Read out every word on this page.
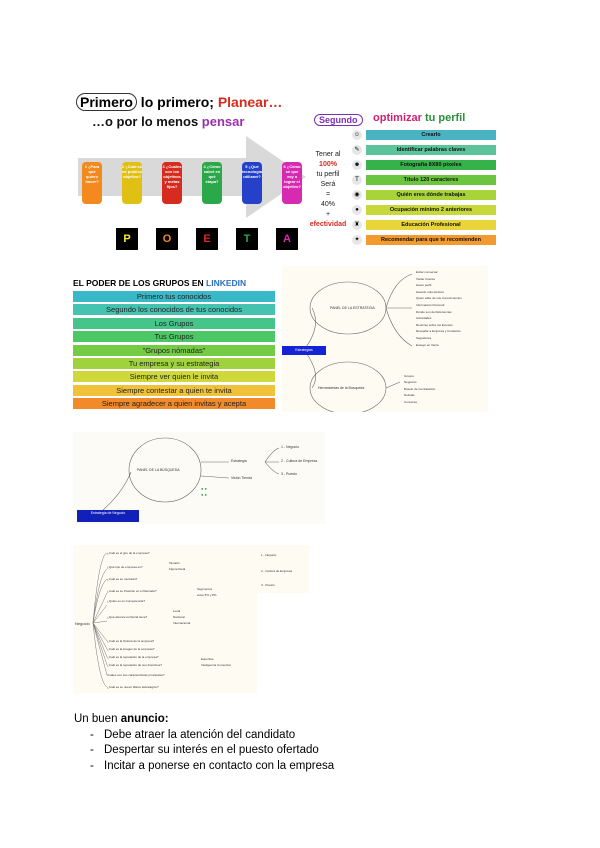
Primero lo primero; Planear…
…o por lo menos pensar
1 ¿Para qué quiero hacer?
2 ¿Cuál es mi público objetivo?
3 ¿Cuáles son los objetivos y metas fijos?
4 ¿Cómo sabré en qué etapa?
5 ¿Qué tecnología utilizaré?
6 ¿Cómo sé que voy a lograr el objetivo?
P	O	E	T	A
Segundo	optimizar tu perfil
Tener al
100%
tu perfil
Será
=
40%
+
efectividad
☺	Crearlo
✎	Identificar palabras claves
☻	Fotografía 8X80 pixeles
T	Título 120 caracteres
◉	Quién eres dónde trabajas
●	Ocupación mínimo 2 anteriores
♜	Educación Profesional
✦	Recomendar para que te recomienden
EL PODER DE LOS GRUPOS EN LINKEDIN
Primero tus conocidos
Segundo los conocidos de tus conocidos
Los Grupos
Tus Grupos
"Grupos nómadas"
Tu empresa y su estrategia
Siempre ver quien le invita
Siempre contestar a quien te invita
Siempre agradecer a quien invitas y acepta
Estrategias
PANEL DE LA ESTRATEGIA
Herramientas de la Búsqueda
Evitar conversar
Visitar Cuenta
Hacer perfil
Hacerlo más efectivo
Quien sabe de sus Conocimientos
Información Personal
Dónde son de Referencias
Actividades
Reunirse sobre los Eventos
Recopilar a Empresa y Contactos
Seguidores
Ensayo en Venta
Grupos
Negocios
Buscar de Contratación
Noticias
Conversa
Estrategia de Negocio
PANEL DE LA BÚSQUEDA
Estrategia
1 - Negocio
2 - Cultura de Empresa
3 - Puesto
Visión Tienda
● ●
● ●
Negocio
¿Cuál es el giro de la empresa?
¿Qué tipo de empresa es?
¿Cuál es su mercado?
¿Cuál es su Posición en el Mercado?
¿Quién es su Competencia?
¿Qué alcance territorial tiene?
¿Cuál es la historia de la empresa?
¿Cuál es la imagen de la empresa?
¿Cuál es la reputación de la empresa?
¿Cuál es la reputación de sus directivos?
Cuales son sus características principales?
¿Cuál es su nuevo Marco Estratégico?
Tamaño
Figura fiscal
Segmentos
entre 5% y 8%
Local
Nacional
Internacional
Expertise
Inteligencia Comercial
1 - Negocio
2 - Cultura de Empresa
3 - Puesto
Un buen anuncio:
- Debe atraer la atención del candidato
- Despertar su interés en el puesto ofertado
- Incitar a ponerse en contacto con la empresa
